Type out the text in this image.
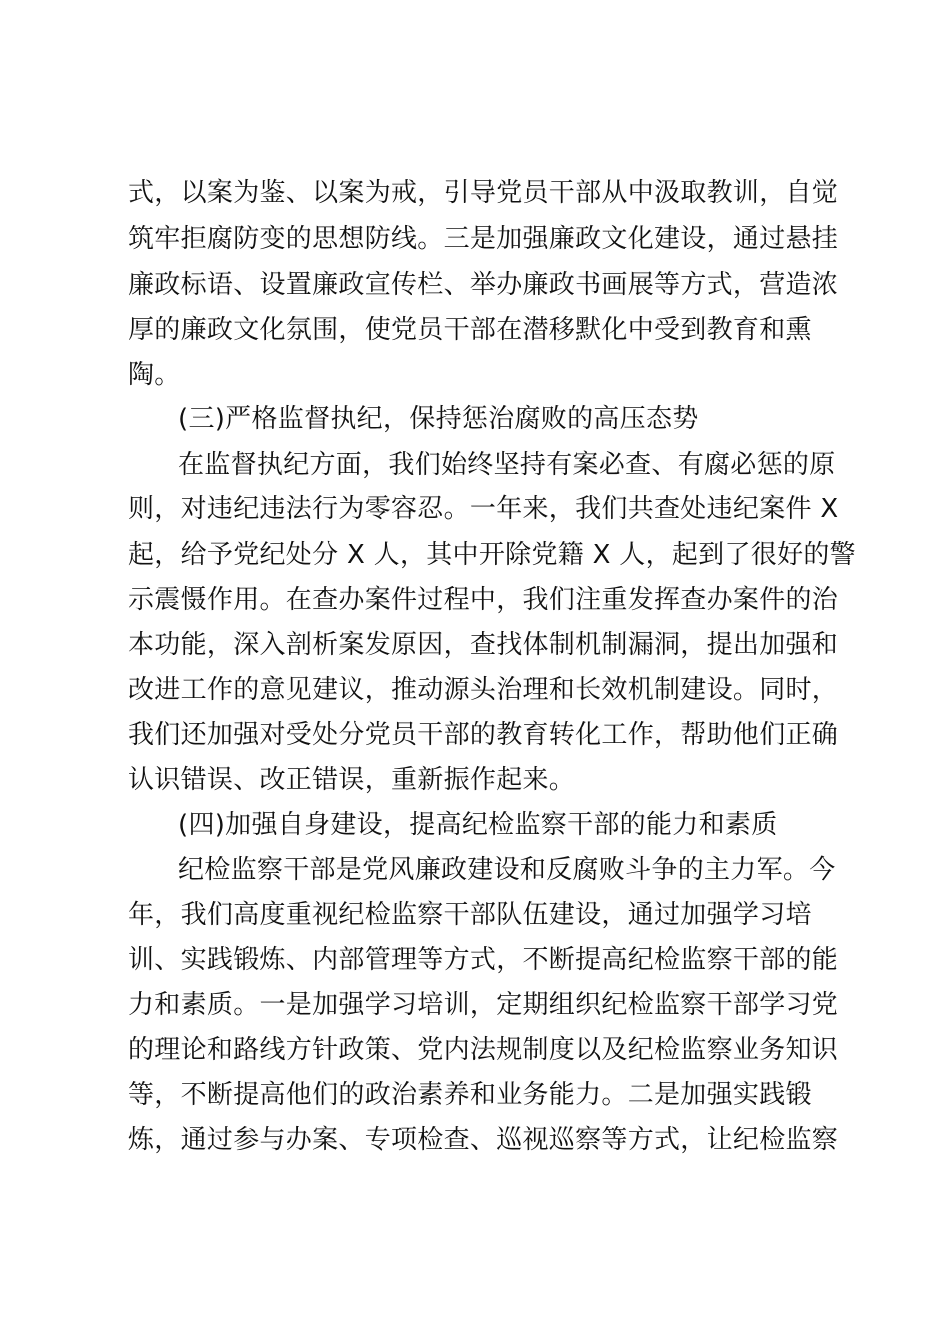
式，以案为鉴、以案为戒，引导党员干部从中汲取教训，自觉
筑牢拒腐防变的思想防线。三是加强廉政文化建设，通过悬挂
廉政标语、设置廉政宣传栏、举办廉政书画展等方式，营造浓
厚的廉政文化氛围，使党员干部在潜移默化中受到教育和熏
陶。
(三)严格监督执纪，保持惩治腐败的高压态势
在监督执纪方面，我们始终坚持有案必查、有腐必惩的原
则，对违纪违法行为零容忍。一年来，我们共查处违纪案件 X
起，给予党纪处分 X 人，其中开除党籍 X 人，起到了很好的警
示震慑作用。在查办案件过程中，我们注重发挥查办案件的治
本功能，深入剖析案发原因，查找体制机制漏洞，提出加强和
改进工作的意见建议，推动源头治理和长效机制建设。同时，
我们还加强对受处分党员干部的教育转化工作，帮助他们正确
认识错误、改正错误，重新振作起来。
(四)加强自身建设，提高纪检监察干部的能力和素质
纪检监察干部是党风廉政建设和反腐败斗争的主力军。今
年，我们高度重视纪检监察干部队伍建设，通过加强学习培
训、实践锻炼、内部管理等方式，不断提高纪检监察干部的能
力和素质。一是加强学习培训，定期组织纪检监察干部学习党
的理论和路线方针政策、党内法规制度以及纪检监察业务知识
等，不断提高他们的政治素养和业务能力。二是加强实践锻
炼，通过参与办案、专项检查、巡视巡察等方式，让纪检监察
